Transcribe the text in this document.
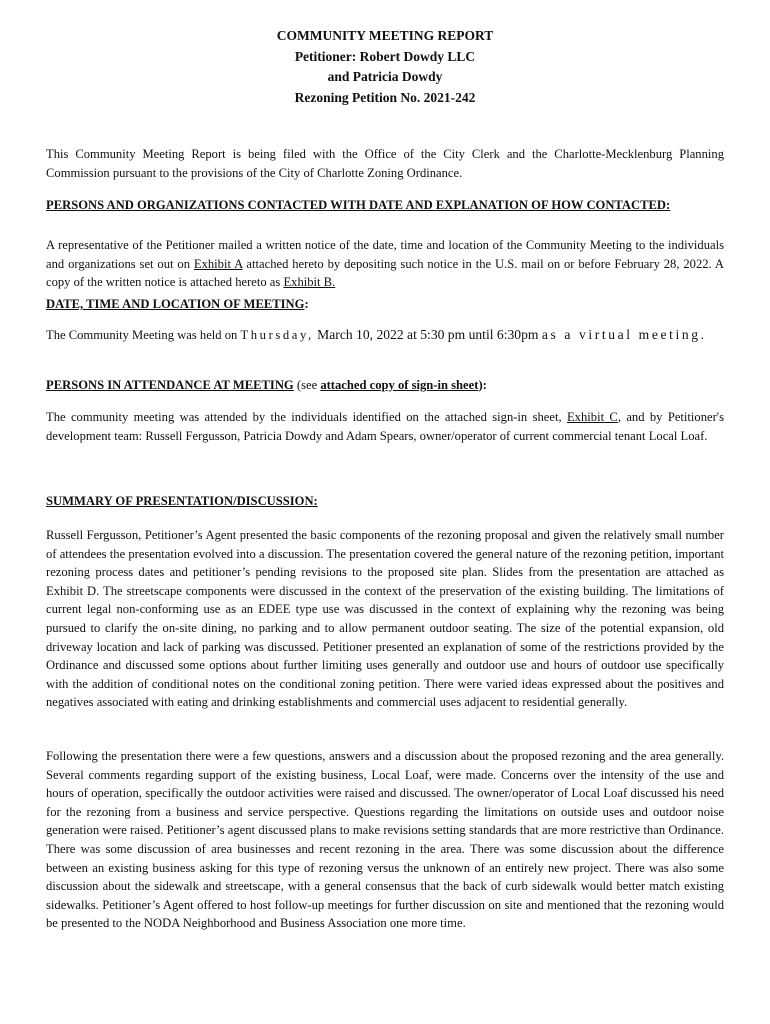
COMMUNITY MEETING REPORT
Petitioner: Robert Dowdy LLC
and Patricia Dowdy
Rezoning Petition No. 2021-242
This Community Meeting Report is being filed with the Office of the City Clerk and the Charlotte-Mecklenburg Planning Commission pursuant to the provisions of the City of Charlotte Zoning Ordinance.
PERSONS AND ORGANIZATIONS CONTACTED WITH DATE AND EXPLANATION OF HOW CONTACTED:
A representative of the Petitioner mailed a written notice of the date, time and location of the Community Meeting to the individuals and organizations set out on Exhibit A attached hereto by depositing such notice in the U.S. mail on or before February 28, 2022. A copy of the written notice is attached hereto as Exhibit B.
DATE, TIME AND LOCATION OF MEETING:
The Community Meeting was held on Thursday, March 10, 2022 at 5:30 pm until 6:30pm as a virtual meeting.
PERSONS IN ATTENDANCE AT MEETING (see attached copy of sign-in sheet):
The community meeting was attended by the individuals identified on the attached sign-in sheet, Exhibit C, and by Petitioner's development team: Russell Fergusson, Patricia Dowdy and Adam Spears, owner/operator of current commercial tenant Local Loaf.
SUMMARY OF PRESENTATION/DISCUSSION:
Russell Fergusson, Petitioner’s Agent presented the basic components of the rezoning proposal and given the relatively small number of attendees the presentation evolved into a discussion. The presentation covered the general nature of the rezoning petition, important rezoning process dates and petitioner’s pending revisions to the proposed site plan. Slides from the presentation are attached as Exhibit D. The streetscape components were discussed in the context of the preservation of the existing building. The limitations of current legal non-conforming use as an EDEE type use was discussed in the context of explaining why the rezoning was being pursued to clarify the on-site dining, no parking and to allow permanent outdoor seating. The size of the potential expansion, old driveway location and lack of parking was discussed. Petitioner presented an explanation of some of the restrictions provided by the Ordinance and discussed some options about further limiting uses generally and outdoor use and hours of outdoor use specifically with the addition of conditional notes on the conditional zoning petition. There were varied ideas expressed about the positives and negatives associated with eating and drinking establishments and commercial uses adjacent to residential generally.
Following the presentation there were a few questions, answers and a discussion about the proposed rezoning and the area generally. Several comments regarding support of the existing business, Local Loaf, were made. Concerns over the intensity of the use and hours of operation, specifically the outdoor activities were raised and discussed. The owner/operator of Local Loaf discussed his need for the rezoning from a business and service perspective. Questions regarding the limitations on outside uses and outdoor noise generation were raised. Petitioner’s agent discussed plans to make revisions setting standards that are more restrictive than Ordinance. There was some discussion of area businesses and recent rezoning in the area. There was some discussion about the difference between an existing business asking for this type of rezoning versus the unknown of an entirely new project. There was also some discussion about the sidewalk and streetscape, with a general consensus that the back of curb sidewalk would better match existing sidewalks. Petitioner’s Agent offered to host follow-up meetings for further discussion on site and mentioned that the rezoning would be presented to the NODA Neighborhood and Business Association one more time.
